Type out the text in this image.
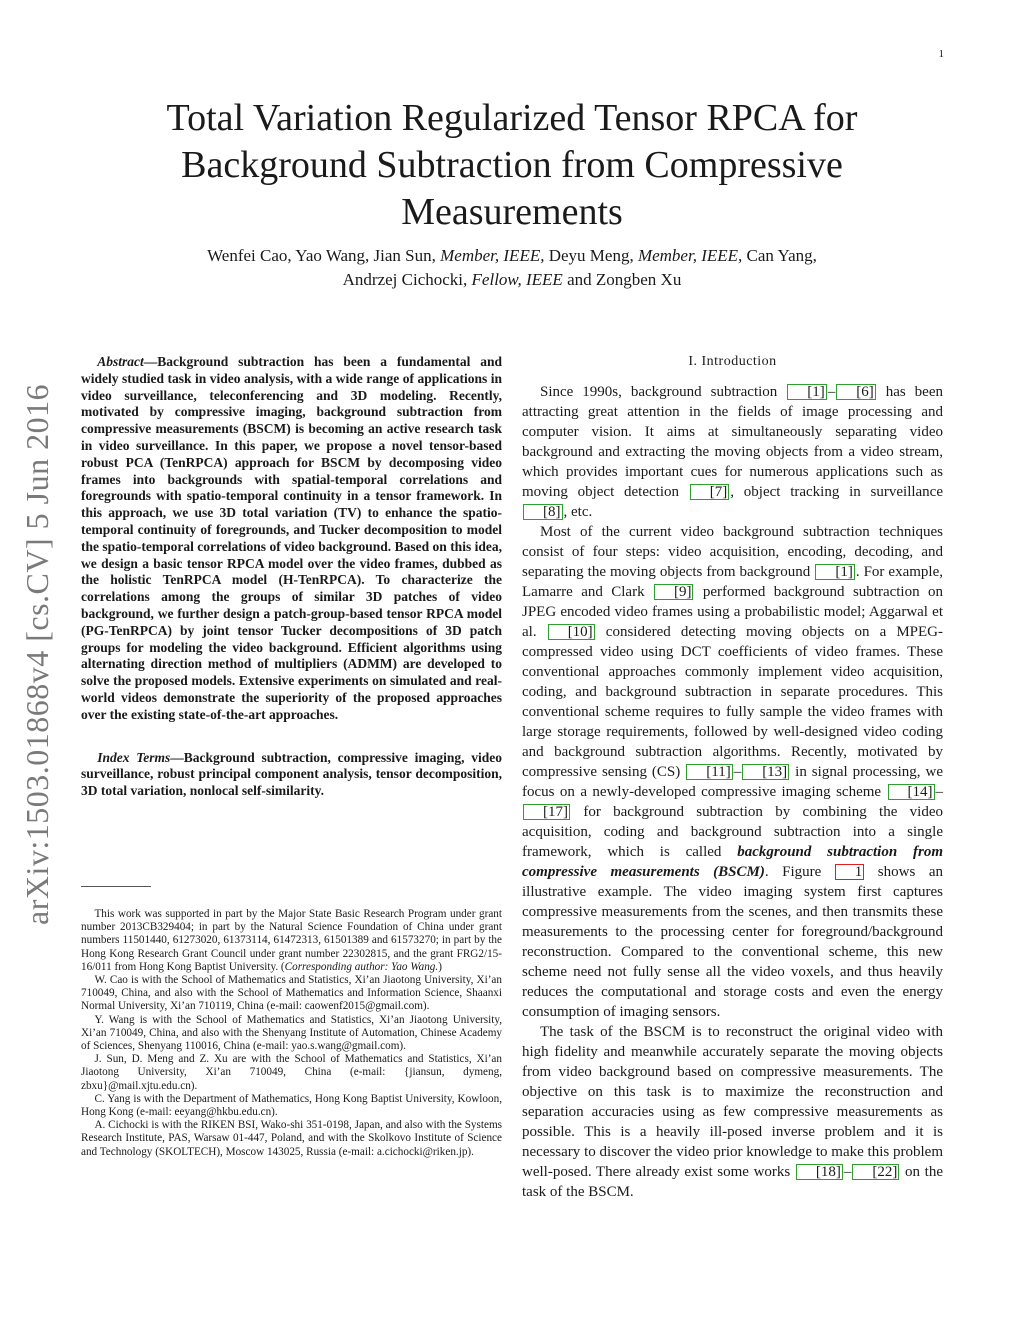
1
arXiv:1503.01868v4 [cs.CV] 5 Jun 2016
Total Variation Regularized Tensor RPCA for Background Subtraction from Compressive Measurements
Wenfei Cao, Yao Wang, Jian Sun, Member, IEEE, Deyu Meng, Member, IEEE, Can Yang,
Andrzej Cichocki, Fellow, IEEE and Zongben Xu

Abstract—Background subtraction has been a fundamental and widely studied task in video analysis, with a wide range of applications in video surveillance, teleconferencing and 3D modeling. Recently, motivated by compressive imaging, background subtraction from compressive measurements (BSCM) is becoming an active research task in video surveillance. In this paper, we propose a novel tensor-based robust PCA (TenRPCA) approach for BSCM by decomposing video frames into backgrounds with spatial-temporal correlations and foregrounds with spatio-temporal continuity in a tensor framework. In this approach, we use 3D total variation (TV) to enhance the spatio-temporal continuity of foregrounds, and Tucker decomposition to model the spatio-temporal correlations of video background. Based on this idea, we design a basic tensor RPCA model over the video frames, dubbed as the holistic TenRPCA model (H-TenRPCA). To characterize the correlations among the groups of similar 3D patches of video background, we further design a patch-group-based tensor RPCA model (PG-TenRPCA) by joint tensor Tucker decompositions of 3D patch groups for modeling the video background. Efficient algorithms using alternating direction method of multipliers (ADMM) are developed to solve the proposed models. Extensive experiments on simulated and real-world videos demonstrate the superiority of the proposed approaches over the existing state-of-the-art approaches.

Index Terms—Background subtraction, compressive imaging, video surveillance, robust principal component analysis, tensor decomposition, 3D total variation, nonlocal self-similarity.

This work was supported in part by the Major State Basic Research Program under grant number 2013CB329404; in part by the Natural Science Foundation of China under grant numbers 11501440, 61273020, 61373114, 61472313, 61501389 and 61573270; in part by the Hong Kong Research Grant Council under grant number 22302815, and the grant FRG2/15-16/011 from Hong Kong Baptist University. (Corresponding author: Yao Wang.)

W. Cao is with the School of Mathematics and Statistics, Xi’an Jiaotong University, Xi’an 710049, China, and also with the School of Mathematics and Information Science, Shaanxi Normal University, Xi’an 710119, China (e-mail: caowenf2015@gmail.com).

Y. Wang is with the School of Mathematics and Statistics, Xi’an Jiaotong University, Xi’an 710049, China, and also with the Shenyang Institute of Automation, Chinese Academy of Sciences, Shenyang 110016, China (e-mail: yao.s.wang@gmail.com).

J. Sun, D. Meng and Z. Xu are with the School of Mathematics and Statistics, Xi’an Jiaotong University, Xi’an 710049, China (e-mail: {jiansun, dymeng, zbxu}@mail.xjtu.edu.cn).

C. Yang is with the Department of Mathematics, Hong Kong Baptist University, Kowloon, Hong Kong (e-mail: eeyang@hkbu.edu.cn).

A. Cichocki is with the RIKEN BSI, Wako-shi 351-0198, Japan, and also with the Systems Research Institute, PAS, Warsaw 01-447, Poland, and with the Skolkovo Institute of Science and Technology (SKOLTECH), Moscow 143025, Russia (e-mail: a.cichocki@riken.jp).

I. Introduction

Since 1990s, background subtraction [1] – [6] has been attracting great attention in the fields of image processing and computer vision. It aims at simultaneously separating video background and extracting the moving objects from a video stream, which provides important cues for numerous applications such as moving object detection [7] , object tracking in surveillance [8] , etc.

Most of the current video background subtraction techniques consist of four steps: video acquisition, encoding, decoding, and separating the moving objects from background [1] . For example, Lamarre and Clark [9] performed background subtraction on JPEG encoded video frames using a probabilistic model; Aggarwal et al. [10] considered detecting moving objects on a MPEG-compressed video using DCT coefficients of video frames. These conventional approaches commonly implement video acquisition, coding, and background subtraction in separate procedures. This conventional scheme requires to fully sample the video frames with large storage requirements, followed by well-designed video coding and background subtraction algorithms. Recently, motivated by compressive sensing (CS) [11] – [13] in signal processing, we focus on a newly-developed compressive imaging scheme [14] –[17] for background subtraction by combining the video acquisition, coding and background subtraction into a single framework, which is called background subtraction from compressive measurements (BSCM). Figure 1 shows an illustrative example. The video imaging system first captures compressive measurements from the scenes, and then transmits these measurements to the processing center for foreground/background reconstruction. Compared to the conventional scheme, this new scheme need not fully sense all the video voxels, and thus heavily reduces the computational and storage costs and even the energy consumption of imaging sensors.

The task of the BSCM is to reconstruct the original video with high fidelity and meanwhile accurately separate the moving objects from video background based on compressive measurements. The objective on this task is to maximize the reconstruction and separation accuracies using as few compressive measurements as possible. This is a heavily ill-posed inverse problem and it is necessary to discover the video prior knowledge to make this problem well-posed. There already exist some works [18] – [22] on the task of the BSCM.
